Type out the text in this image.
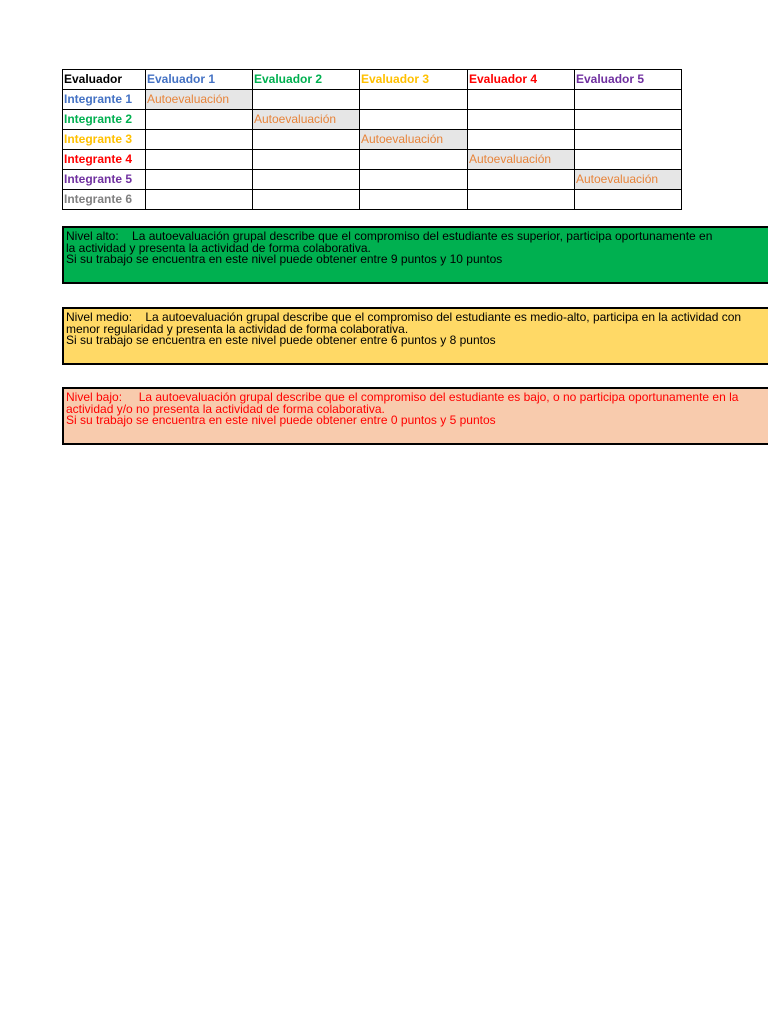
Evaluador	Evaluador 1	Evaluador 2	Evaluador 3	Evaluador 4	Evaluador 5
Integrante 1	Autoevaluación				
Integrante 2		Autoevaluación			
Integrante 3			Autoevaluación		
Integrante 4				Autoevaluación	
Integrante 5					Autoevaluación
Integrante 6					
Nivel alto:    La autoevaluación grupal describe que el compromiso del estudiante es superior, participa oportunamente en
la actividad y presenta la actividad de forma colaborativa.
Si su trabajo se encuentra en este nivel puede obtener entre 9 puntos y 10 puntos
Nivel medio:    La autoevaluación grupal describe que el compromiso del estudiante es medio-alto, participa en la actividad con
menor regularidad y presenta la actividad de forma colaborativa.
Si su trabajo se encuentra en este nivel puede obtener entre 6 puntos y 8 puntos
Nivel bajo:     La autoevaluación grupal describe que el compromiso del estudiante es bajo, o no participa oportunamente en la
actividad y/o no presenta la actividad de forma colaborativa.
Si su trabajo se encuentra en este nivel puede obtener entre 0 puntos y 5 puntos
